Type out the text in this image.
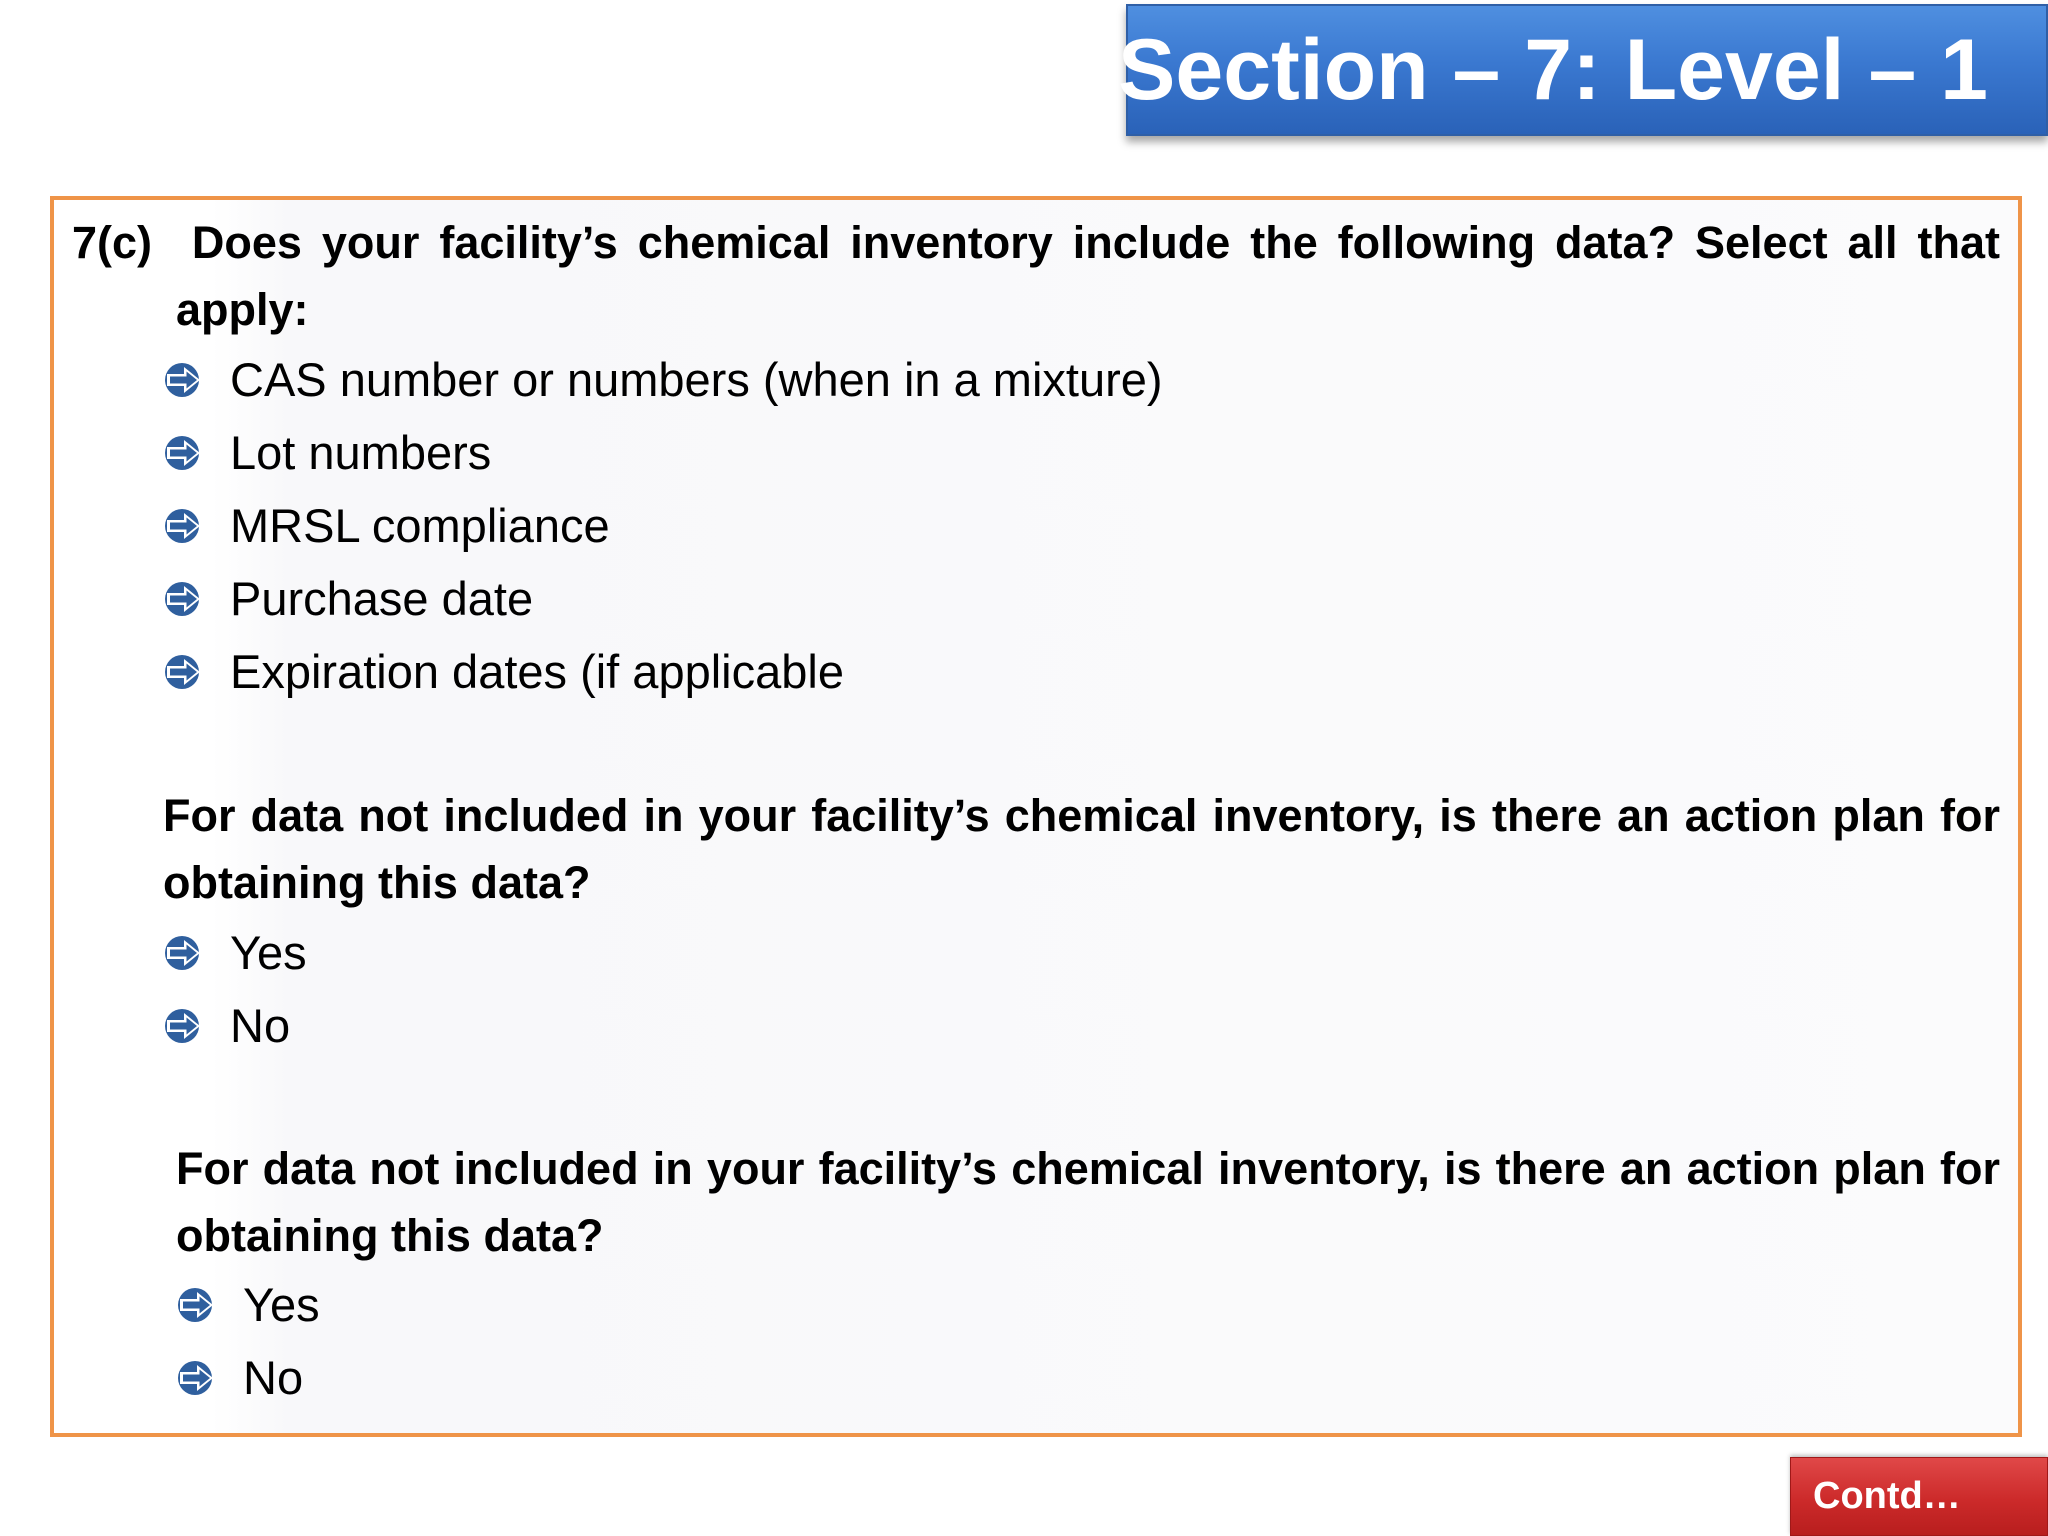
Section – 7: Level – 1
7(c) Does your facility’s chemical inventory include the following data? Select all that apply:
CAS number or numbers (when in a mixture)
Lot numbers
MRSL compliance
Purchase date
Expiration dates (if applicable
For data not included in your facility’s chemical inventory, is there an action plan for obtaining this data?
Yes
No
For data not included in your facility’s chemical inventory, is there an action plan for obtaining this data?
Yes
No
Contd…
